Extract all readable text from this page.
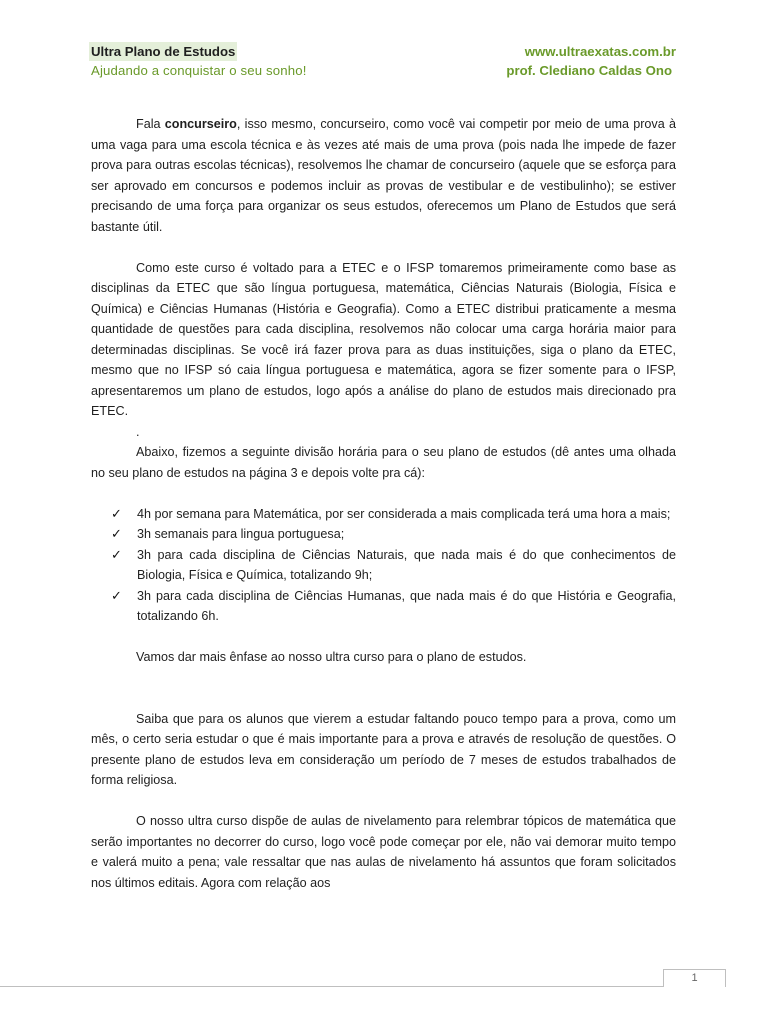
Ultra Plano de Estudos	www.ultraexatas.com.br
Ajudando a conquistar o seu sonho!	prof. Clediano Caldas Ono

Fala concurseiro, isso mesmo, concurseiro, como você vai competir por meio de uma prova à uma vaga para uma escola técnica e às vezes até mais de uma prova (pois nada lhe impede de fazer prova para outras escolas técnicas), resolvemos lhe chamar de concurseiro (aquele que se esforça para ser aprovado em concursos e podemos incluir as provas de vestibular e de vestibulinho); se estiver precisando de uma força para organizar os seus estudos, oferecemos um Plano de Estudos que será bastante útil.

Como este curso é voltado para a ETEC e o IFSP tomaremos primeiramente como base as disciplinas da ETEC que são língua portuguesa, matemática, Ciências Naturais (Biologia, Física e Química) e Ciências Humanas (História e Geografia). Como a ETEC distribui praticamente a mesma quantidade de questões para cada disciplina, resolvemos não colocar uma carga horária maior para determinadas disciplinas. Se você irá fazer prova para as duas instituições, siga o plano da ETEC, mesmo que no IFSP só caia língua portuguesa e matemática, agora se fizer somente para o IFSP, apresentaremos um plano de estudos, logo após a análise do plano de estudos mais direcionado pra ETEC.

.

Abaixo, fizemos a seguinte divisão horária para o seu plano de estudos (dê antes uma olhada no seu plano de estudos na página 3 e depois volte pra cá):

✓ 4h por semana para Matemática, por ser considerada a mais complicada terá uma hora a mais;
✓ 3h semanais para lingua portuguesa;
✓ 3h para cada disciplina de Ciências Naturais, que nada mais é do que conhecimentos de Biologia, Física e Química, totalizando 9h;
✓ 3h para cada disciplina de Ciências Humanas, que nada mais é do que História e Geografia, totalizando 6h.

Vamos dar mais ênfase ao nosso ultra curso para o plano de estudos.

Saiba que para os alunos que vierem a estudar faltando pouco tempo para a prova, como um mês, o certo seria estudar o que é mais importante para a prova e através de resolução de questões. O presente plano de estudos leva em consideração um período de 7 meses de estudos trabalhados de forma religiosa.

O nosso ultra curso dispõe de aulas de nivelamento para relembrar tópicos de matemática que serão importantes no decorrer do curso, logo você pode começar por ele, não vai demorar muito tempo e valerá muito a pena; vale ressaltar que nas aulas de nivelamento há assuntos que foram solicitados nos últimos editais. Agora com relação aos

1
